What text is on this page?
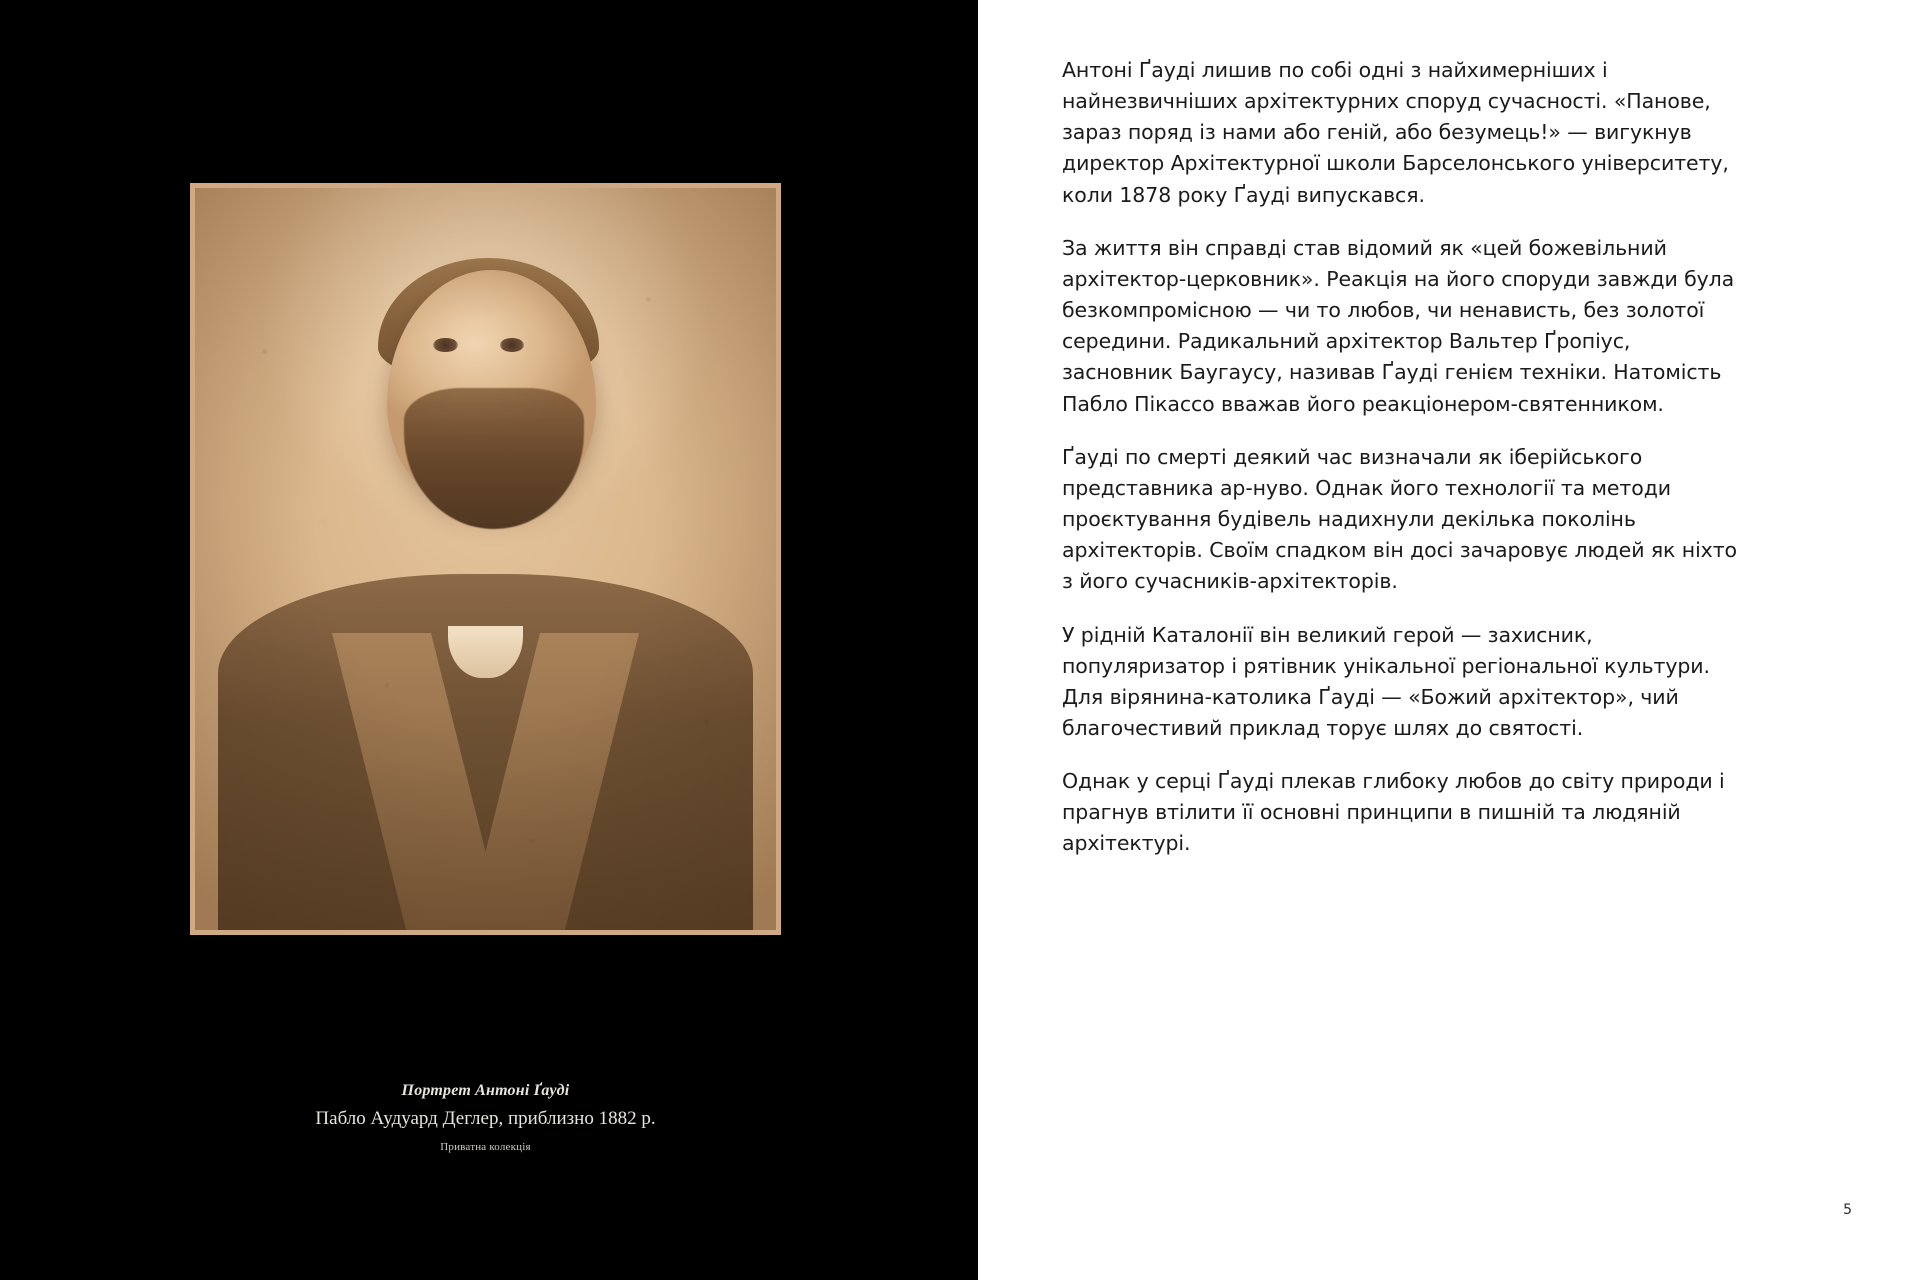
Портрет Антоні Ґауді
Пабло Аудуард Деглер, приблизно 1882 р.
Приватна колекція

Антоні Ґауді лишив по собі одні з найхимерніших і найнезвичніших архітектурних споруд сучасності. «Панове, зараз поряд із нами або геній, або безумець!» — вигукнув директор Архітектурної школи Барселонського університету, коли 1878 року Ґауді випускався.

За життя він справді став відомий як «цей божевільний архітектор-церковник». Реакція на його споруди завжди була безкомпромісною — чи то любов, чи ненависть, без золотої середини. Радикальний архітектор Вальтер Ґропіус, засновник Баугаусу, називав Ґауді генієм техніки. Натомість Пабло Пікассо вважав його реакціонером-святенником.

Ґауді по смерті деякий час визначали як іберійського представника ар-нуво. Однак його технології та методи проєктування будівель надихнули декілька поколінь архітекторів. Своїм спадком він досі зачаровує людей як ніхто з його сучасників-архітекторів.

У рідній Каталонії він великий герой — захисник, популяризатор і рятівник унікальної регіональної культури. Для вірянина-католика Ґауді — «Божий архітектор», чий благочестивий приклад торує шлях до святості.

Однак у серці Ґауді плекав глибоку любов до світу природи і прагнув втілити її основні принципи в пишній та людяній архітектурі.

5
